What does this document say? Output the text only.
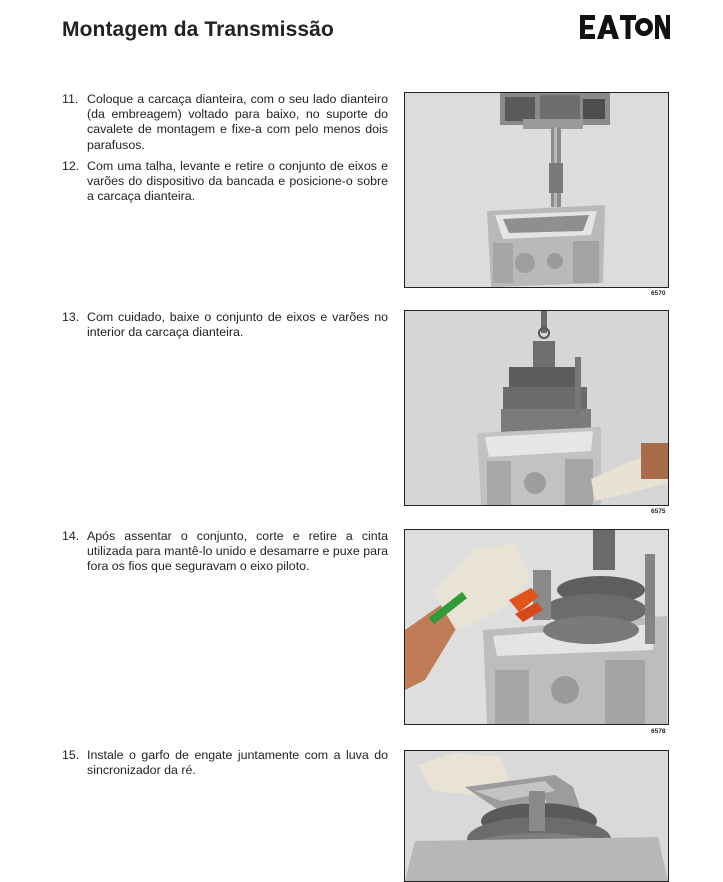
Montagem da Transmissão
11. Coloque a carcaça dianteira, com o seu lado dianteiro (da embreagem) voltado para baixo, no suporte do cavalete de montagem e fixe-a com pelo menos dois parafusos.
12. Com uma talha, levante e retire o conjunto de eixos e varões do dispositivo da bancada e posicione-o sobre a carcaça dianteira.
13. Com cuidado, baixe o conjunto de eixos e varões no interior da carcaça dianteira.
14. Após assentar o conjunto, corte e retire a cinta utilizada para mantê-lo unido e desamarre e puxe para fora os fios que seguravam o eixo piloto.
15. Instale o garfo de engate juntamente com a luva do sincronizador da ré.
6570
6575
6578
